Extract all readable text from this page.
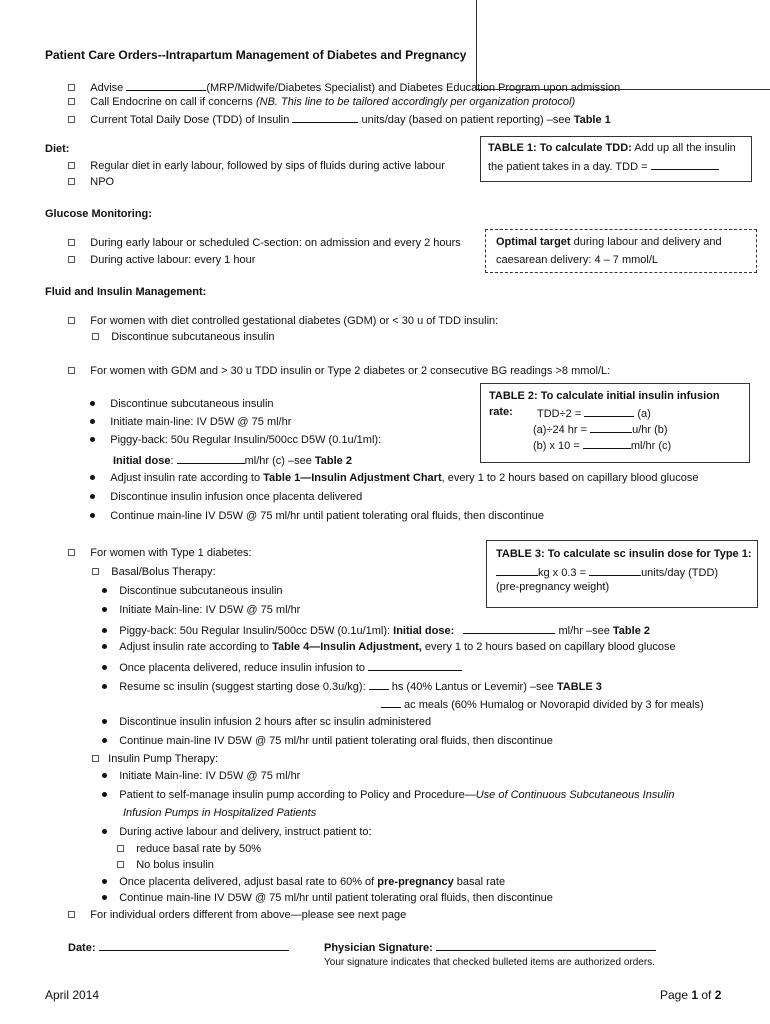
Patient Care Orders--Intrapartum Management of Diabetes and Pregnancy
Advise	(MRP/Midwife/Diabetes Specialist) and Diabetes Education Program upon admission
Call Endocrine on call if concerns (NB. This line to be tailored accordingly per organization protocol)
Current Total Daily Dose (TDD) of Insulin	units/day (based on patient reporting) –see Table 1
Diet:
Regular diet in early labour, followed by sips of fluids during active labour
NPO
TABLE 1: To calculate TDD: Add up all the insulin
the patient takes in a day. TDD =
Glucose Monitoring:
During early labour or scheduled C-section: on admission and every 2 hours
During active labour: every 1 hour
Optimal target during labour and delivery and
caesarean delivery: 4 – 7 mmol/L
Fluid and Insulin Management:
For women with diet controlled gestational diabetes (GDM) or < 30 u of TDD insulin:
Discontinue subcutaneous insulin
For women with GDM and > 30 u TDD insulin or Type 2 diabetes or 2 consecutive BG readings >8 mmol/L:
Discontinue subcutaneous insulin
Initiate main-line: IV D5W @ 75 ml/hr
Piggy-back: 50u Regular Insulin/500cc D5W (0.1u/1ml):
Initial dose:	ml/hr (c) –see Table 2
Adjust insulin rate according to Table 1—Insulin Adjustment Chart, every 1 to 2 hours based on capillary blood glucose
Discontinue insulin infusion once placenta delivered
Continue main-line IV D5W @ 75 ml/hr until patient tolerating oral fluids, then discontinue
TABLE 2: To calculate initial insulin infusion
rate: TDD÷2 =	(a)
(a)÷24 hr =	u/hr (b)
(b) x 10 =	ml/hr (c)
For women with Type 1 diabetes:
Basal/Bolus Therapy:
Discontinue subcutaneous insulin
Initiate Main-line: IV D5W @ 75 ml/hr
Piggy-back: 50u Regular Insulin/500cc D5W (0.1u/1ml): Initial dose:	ml/hr –see Table 2
Adjust insulin rate according to Table 4—Insulin Adjustment, every 1 to 2 hours based on capillary blood glucose
Once placenta delivered, reduce insulin infusion to
Resume sc insulin (suggest starting dose 0.3u/kg):  hs (40% Lantus or Levemir) –see TABLE 3
ac meals (60% Humalog or Novorapid divided by 3 for meals)
Discontinue insulin infusion 2 hours after sc insulin administered
Continue main-line IV D5W @ 75 ml/hr until patient tolerating oral fluids, then discontinue
Insulin Pump Therapy:
Initiate Main-line: IV D5W @ 75 ml/hr
Patient to self-manage insulin pump according to Policy and Procedure—Use of Continuous Subcutaneous Insulin
Infusion Pumps in Hospitalized Patients
During active labour and delivery, instruct patient to:
reduce basal rate by 50%
No bolus insulin
Once placenta delivered, adjust basal rate to 60% of pre-pregnancy basal rate
Continue main-line IV D5W @ 75 ml/hr until patient tolerating oral fluids, then discontinue
For individual orders different from above—please see next page
TABLE 3: To calculate sc insulin dose for Type 1:
kg x 0.3 =	units/day (TDD)
(pre-pregnancy weight)
Date:	Physician Signature:
Your signature indicates that checked bulleted items are authorized orders.
April 2014	Page 1 of 2
